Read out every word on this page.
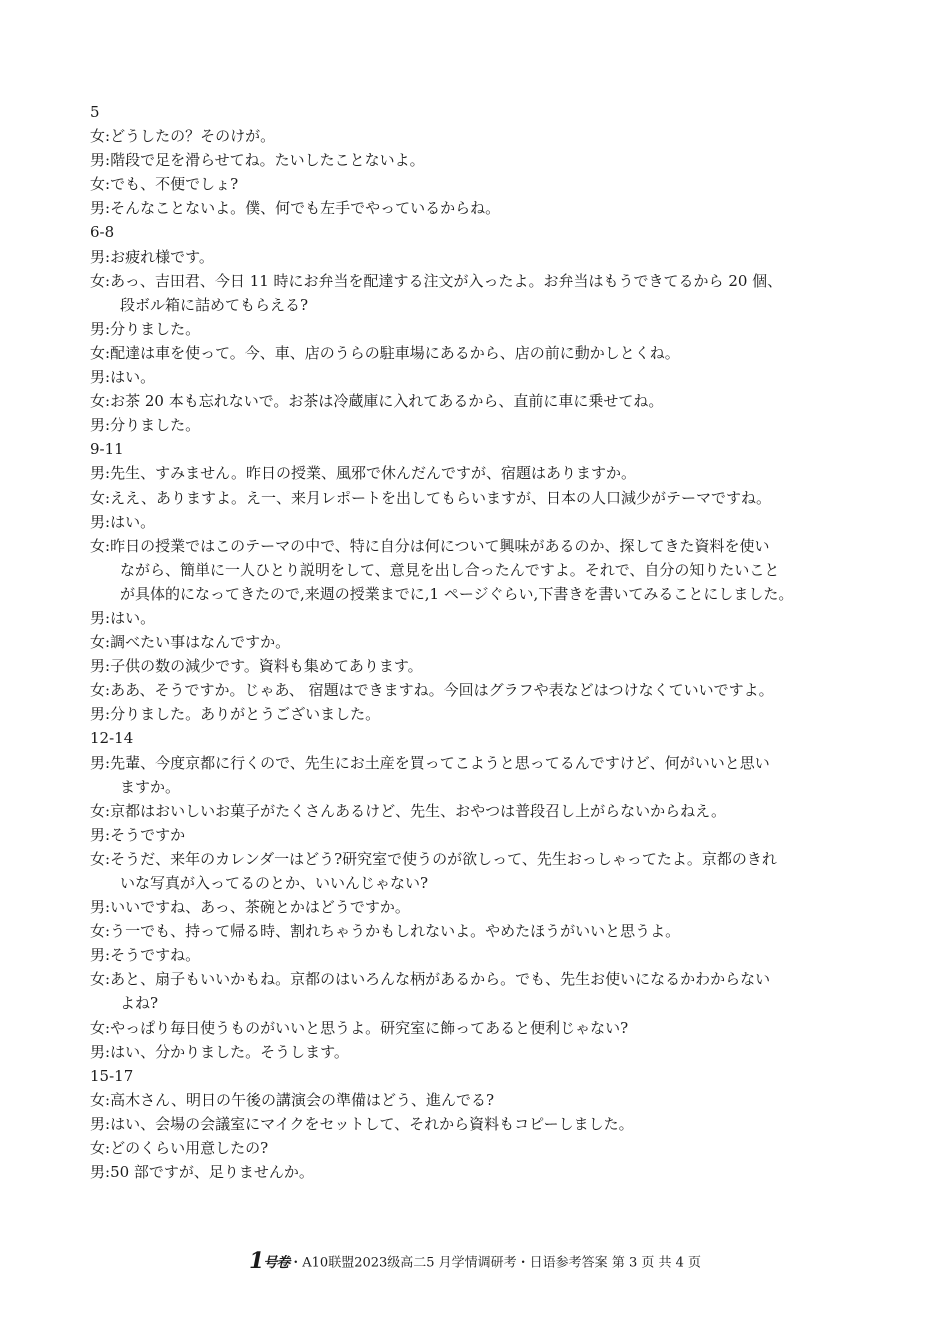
5
女 : どうしたの？そのけが。
男 : 階段で足を滑らせてね。たいしたことないよ。
女 : でも、不便でしょ?
男 : そんなことないよ。僕、何でも左手でやっているからね。
6-8
男 : お疲れ様です。
女 : あっ、吉田君、今日 11 時にお弁当を配達する注文が入ったよ。お弁当はもうできてるから 20 個、
段ボル箱に詰めてもらえる?
男 : 分りました。
女 : 配達は車を使って。今、車、店のうらの駐車場にあるから、店の前に動かしとくね。
男 : はい。
女 : お茶 20 本も忘れないで。お茶は冷蔵庫に入れてあるから、直前に車に乗せてね。
男 : 分りました。
9-11
男 : 先生、すみません。昨日の授業、風邪で休んだんですが、宿題はありますか。
女 : ええ、ありますよ。え一、来月レポートを出してもらいますが、日本の人口減少がテーマですね。
男 : はい。
女 : 昨日の授業ではこのテーマの中で、特に自分は何について興味があるのか、探してきた資料を使い
ながら、簡単に一人ひとり説明をして、意見を出し合ったんですよ。それで、自分の知りたいこと
が具体的になってきたので,来週の授業までに,1 ページぐらい,下書きを書いてみることにしました。
男 : はい。
女 : 調べたい事はなんですか。
男 : 子供の数の減少です。資料も集めてあります。
女 : ああ、そうですか。じゃあ、 宿題はできますね。今回はグラフや表などはつけなくていいですよ。
男 : 分りました。ありがとうございました。
12-14
男 : 先輩、今度京都に行くので、先生にお土産を買ってこようと思ってるんですけど、何がいいと思い
ますか。
女 : 京都はおいしいお菓子がたくさんあるけど、先生、おやつは普段召し上がらないからねえ。
男 : そうですか
女 : そうだ、来年のカレンダ一はどう?研究室で使うのが欲しって、先生おっしゃってたよ。京都のきれ
いな写真が入ってるのとか、いいんじゃない?
男 : いいですね、あっ、茶碗とかはどうですか。
女 : う一でも、持って帰る時、割れちゃうかもしれないよ。やめたほうがいいと思うよ。
男 : そうですね。
女 : あと、扇子もいいかもね。京都のはいろんな柄があるから。でも、先生お使いになるかわからない
よね?
女 : やっぱり毎日使うものがいいと思うよ。研究室に飾ってあると便利じゃない?
男 : はい、分かりました。そうします。
15-17
女 : 高木さん、明日の午後の講演会の準備はどう、進んでる?
男 : はい、会場の会議室にマイクをセットして、それから資料もコピーしました。
女 : どのくらい用意したの?
男 : 50 部ですが、足りませんか。
1号卷・A10联盟2023级高二5 月学情调研考・日语参考答案 第 3 页 共 4 页
